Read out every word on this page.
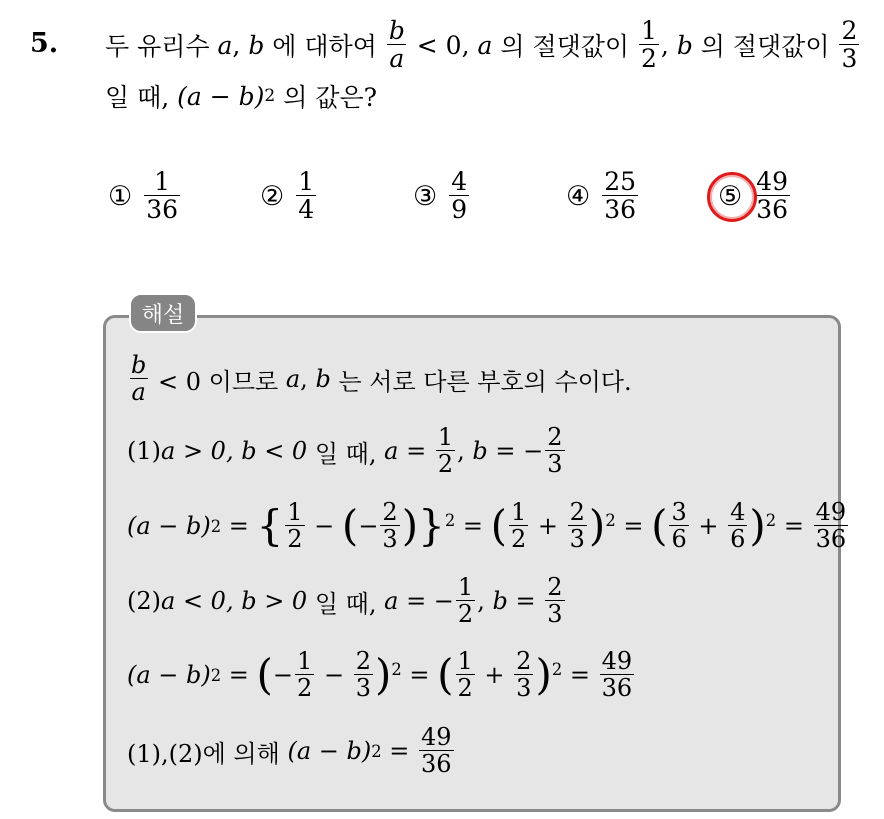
5. 두 유리수
a , b
에 대하여
$\frac{b}{a}$
< 0,
a
의 절댓값이
$\frac{1}{2}$ , b
의 절댓값이
$\frac{2}{3}$
일 때,
(a − b) 2
의 값은?
① $\frac{1}{36}$	② $\frac{1}{4}$	③ $\frac{4}{9}$	④ $\frac{25}{36}$	⑤ $\frac{49}{36}$
해설
$\frac{b}{a}$
< 0 이므로
a , b
는 서로 다른 부호의 수이다.
(1) a > 0, b < 0
일 때,
$a = \frac{1}{2}$ , b = − $\frac{2}{3}$
(a − b) 2 = { $\frac{1}{2}$ − ( − $\frac{2}{3}$ ) } 2 = ( $\frac{1}{2} + \frac{2}{3}$ ) 2 = ( $\frac{3}{6} + \frac{4}{6}$ ) $2 = \frac{49}{36}$
(2) a < 0, b > 0
일 때,
a = − $\frac{1}{2}$ , $b = \frac{2}{3}$
(a − b) 2 = ( − $\frac{1}{2} - \frac{2}{3}$ ) 2 = ( $\frac{1}{2} + \frac{2}{3}$ ) $2 = \frac{49}{36}$
(1),(2)에 의해
(a − b) $2 = \frac{49}{36}$
